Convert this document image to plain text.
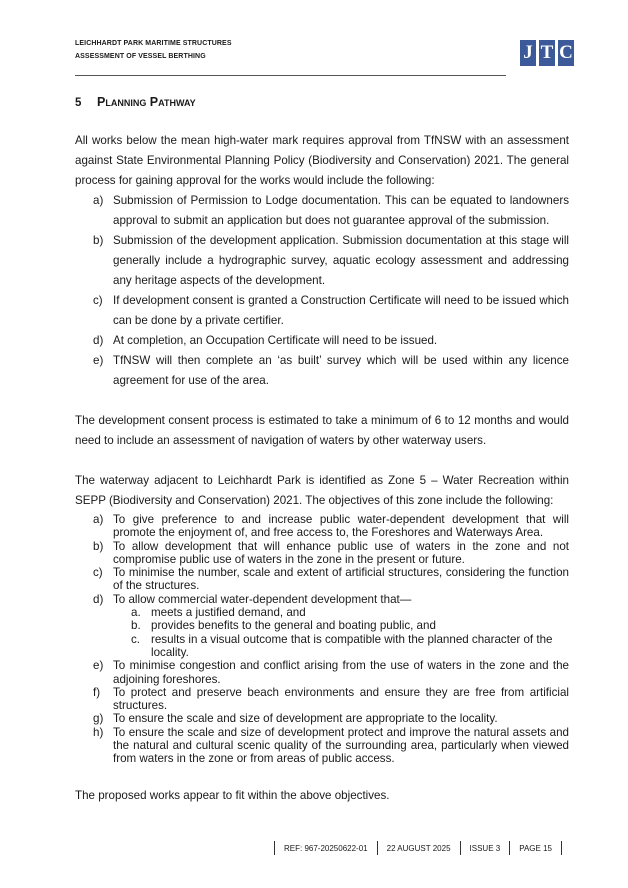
LEICHHARDT PARK MARITIME STRUCTURES
ASSESSMENT OF VESSEL BERTHING	J T C
5 Planning Pathway
All works below the mean high-water mark requires approval from TfNSW with an assessment against State Environmental Planning Policy (Biodiversity and Conservation) 2021. The general process for gaining approval for the works would include the following:
a) Submission of Permission to Lodge documentation. This can be equated to landowners approval to submit an application but does not guarantee approval of the submission.
b) Submission of the development application. Submission documentation at this stage will generally include a hydrographic survey, aquatic ecology assessment and addressing any heritage aspects of the development.
c) If development consent is granted a Construction Certificate will need to be issued which can be done by a private certifier.
d) At completion, an Occupation Certificate will need to be issued.
e) TfNSW will then complete an ‘as built’ survey which will be used within any licence agreement for use of the area.
The development consent process is estimated to take a minimum of 6 to 12 months and would need to include an assessment of navigation of waters by other waterway users.
The waterway adjacent to Leichhardt Park is identified as Zone 5 – Water Recreation within SEPP (Biodiversity and Conservation) 2021. The objectives of this zone include the following:
a) To give preference to and increase public water-dependent development that will promote the enjoyment of, and free access to, the Foreshores and Waterways Area.
b) To allow development that will enhance public use of waters in the zone and not compromise public use of waters in the zone in the present or future.
c) To minimise the number, scale and extent of artificial structures, considering the function of the structures.
d) To allow commercial water-dependent development that—
a. meets a justified demand, and
b. provides benefits to the general and boating public, and
c. results in a visual outcome that is compatible with the planned character of the locality.
e) To minimise congestion and conflict arising from the use of waters in the zone and the adjoining foreshores.
f) To protect and preserve beach environments and ensure they are free from artificial structures.
g) To ensure the scale and size of development are appropriate to the locality.
h) To ensure the scale and size of development protect and improve the natural assets and the natural and cultural scenic quality of the surrounding area, particularly when viewed from waters in the zone or from areas of public access.
The proposed works appear to fit within the above objectives.
REF: 967-20250622-01	22 AUGUST 2025	ISSUE 3	PAGE 15
